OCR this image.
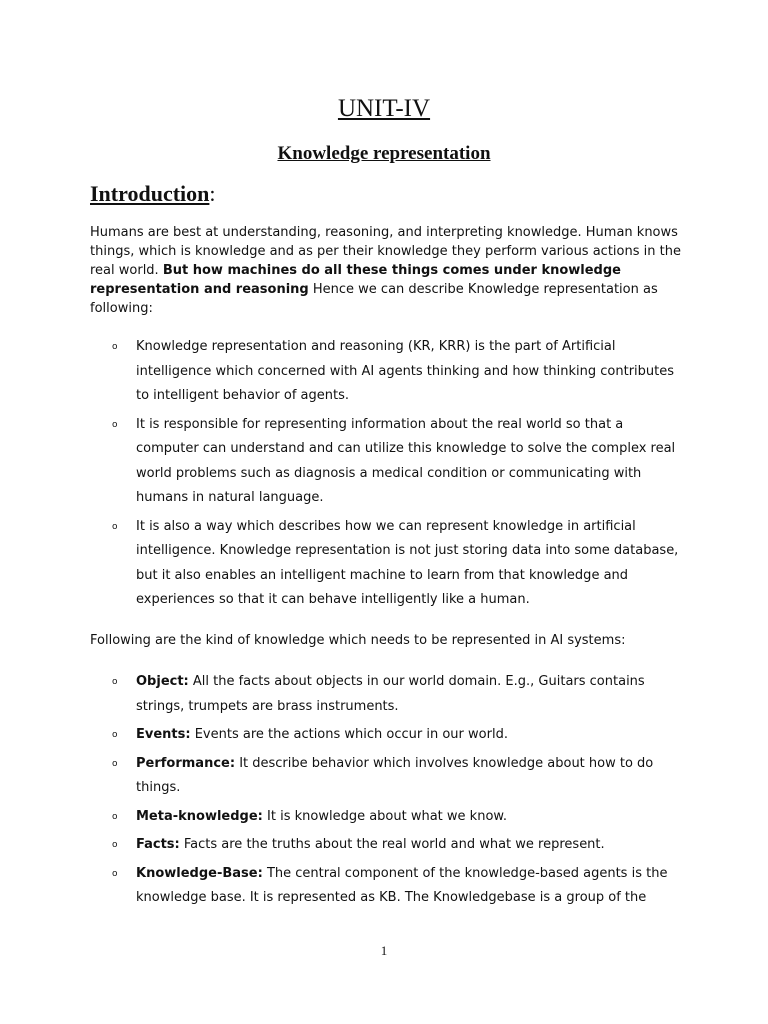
UNIT-IV
Knowledge representation
Introduction:
Humans are best at understanding, reasoning, and interpreting knowledge. Human knows things, which is knowledge and as per their knowledge they perform various actions in the real world. But how machines do all these things comes under knowledge representation and reasoning Hence we can describe Knowledge representation as following:
o Knowledge representation and reasoning (KR, KRR) is the part of Artificial intelligence which concerned with AI agents thinking and how thinking contributes to intelligent behavior of agents.
o It is responsible for representing information about the real world so that a computer can understand and can utilize this knowledge to solve the complex real world problems such as diagnosis a medical condition or communicating with humans in natural language.
o It is also a way which describes how we can represent knowledge in artificial intelligence. Knowledge representation is not just storing data into some database, but it also enables an intelligent machine to learn from that knowledge and experiences so that it can behave intelligently like a human.
Following are the kind of knowledge which needs to be represented in AI systems:
o Object: All the facts about objects in our world domain. E.g., Guitars contains strings, trumpets are brass instruments.
o Events: Events are the actions which occur in our world.
o Performance: It describe behavior which involves knowledge about how to do things.
o Meta-knowledge: It is knowledge about what we know.
o Facts: Facts are the truths about the real world and what we represent.
o Knowledge-Base: The central component of the knowledge-based agents is the knowledge base. It is represented as KB. The Knowledgebase is a group of the
1
